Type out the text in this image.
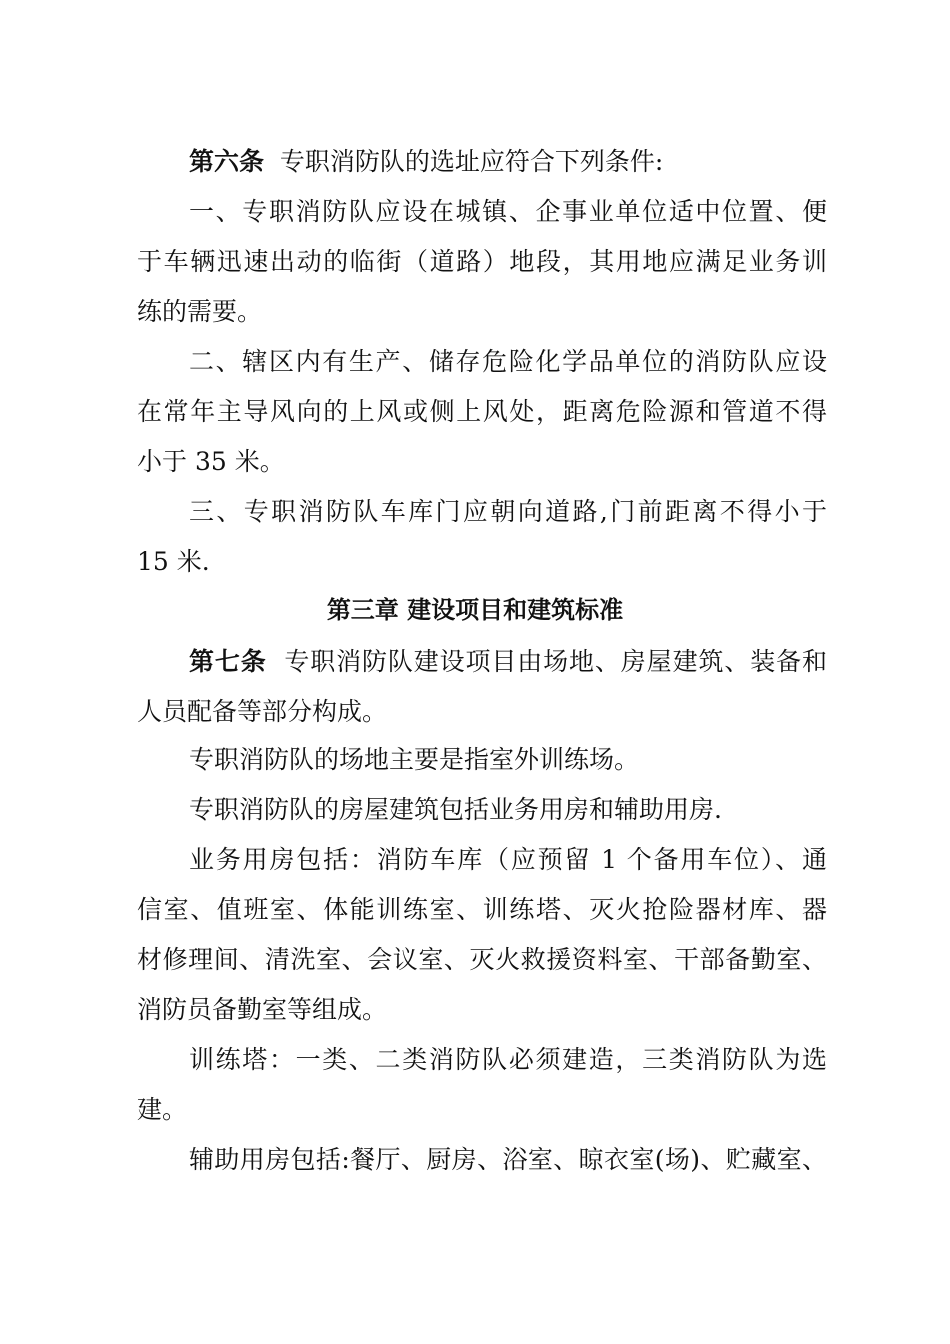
第六条 专职消防队的选址应符合下列条件:
一、专职消防队应设在城镇、企事业单位适中位置、便
于车辆迅速出动的临街（道路）地段，其用地应满足业务训
练的需要。
二、辖区内有生产、储存危险化学品单位的消防队应设
在常年主导风向的上风或侧上风处，距离危险源和管道不得
小于 35 米。
三、专职消防队车库门应朝向道路,门前距离不得小于
15 米.
第三章 建设项目和建筑标准
第七条 专职消防队建设项目由场地、房屋建筑、装备和
人员配备等部分构成。
专职消防队的场地主要是指室外训练场。
专职消防队的房屋建筑包括业务用房和辅助用房.
业务用房包括：消防车库（应预留 1 个备用车位）、通
信室、值班室、体能训练室、训练塔、灭火抢险器材库、器
材修理间、清洗室、会议室、灭火救援资料室、干部备勤室、
消防员备勤室等组成。
训练塔：一类、二类消防队必须建造，三类消防队为选
建。
辅助用房包括:餐厅、厨房、浴室、晾衣室(场)、贮藏室、
